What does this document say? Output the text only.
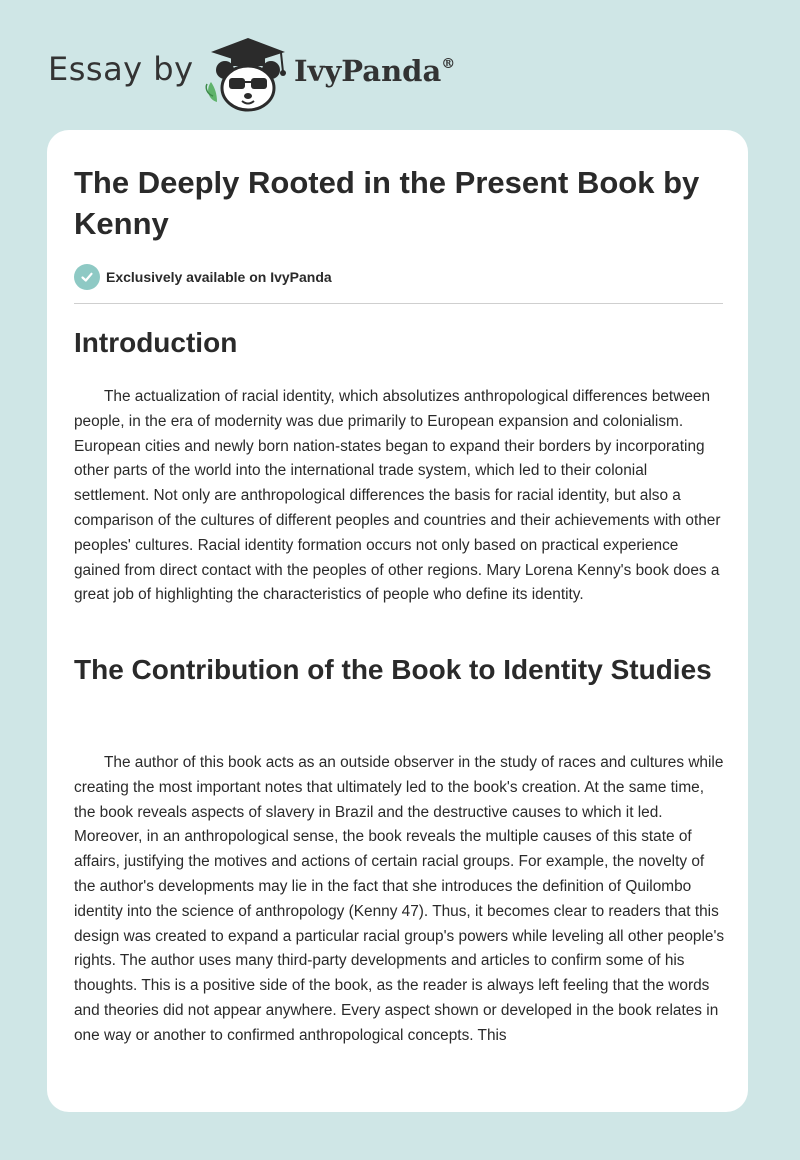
Essay by	IvyPanda®
The Deeply Rooted in the Present Book by Kenny
Exclusively available on IvyPanda
Introduction

The actualization of racial identity, which absolutizes anthropological differences between people, in the era of modernity was due primarily to European expansion and colonialism. European cities and newly born nation-states began to expand their borders by incorporating other parts of the world into the international trade system, which led to their colonial settlement. Not only are anthropological differences the basis for racial identity, but also a comparison of the cultures of different peoples and countries and their achievements with other peoples' cultures. Racial identity formation occurs not only based on practical experience gained from direct contact with the peoples of other regions. Mary Lorena Kenny's book does a great job of highlighting the characteristics of people who define its identity.

The Contribution of the Book to Identity Studies

The author of this book acts as an outside observer in the study of races and cultures while creating the most important notes that ultimately led to the book's creation. At the same time, the book reveals aspects of slavery in Brazil and the destructive causes to which it led. Moreover, in an anthropological sense, the book reveals the multiple causes of this state of affairs, justifying the motives and actions of certain racial groups. For example, the novelty of the author's developments may lie in the fact that she introduces the definition of Quilombo identity into the science of anthropology (Kenny 47). Thus, it becomes clear to readers that this design was created to expand a particular racial group's powers while leveling all other people's rights. The author uses many third-party developments and articles to confirm some of his thoughts. This is a positive side of the book, as the reader is always left feeling that the words and theories did not appear anywhere. Every aspect shown or developed in the book relates in one way or another to confirmed anthropological concepts. This
